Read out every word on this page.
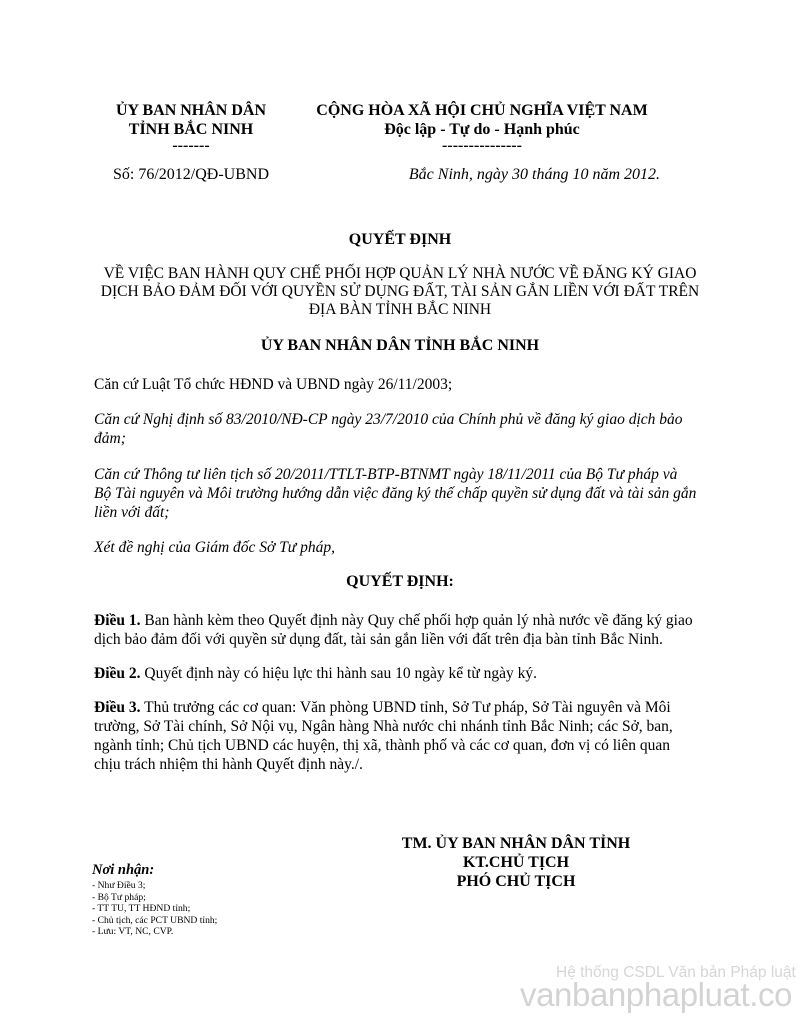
ỦY BAN NHÂN DÂN
TỈNH BẮC NINH
-------
Số: 76/2012/QĐ-UBND
CỘNG HÒA XÃ HỘI CHỦ NGHĨA VIỆT NAM
Độc lập - Tự do - Hạnh phúc
---------------
Bắc Ninh, ngày 30 tháng 10 năm 2012.
QUYẾT ĐỊNH
VỀ VIỆC BAN HÀNH QUY CHẾ PHỐI HỢP QUẢN LÝ NHÀ NƯỚC VỀ ĐĂNG KÝ GIAO
DỊCH BẢO ĐẢM ĐỐI VỚI QUYỀN SỬ DỤNG ĐẤT, TÀI SẢN GẮN LIỀN VỚI ĐẤT TRÊN
ĐỊA BÀN TỈNH BẮC NINH
ỦY BAN NHÂN DÂN TỈNH BẮC NINH
Căn cứ Luật Tổ chức HĐND và UBND ngày 26/11/2003;
Căn cứ Nghị định số 83/2010/NĐ-CP ngày 23/7/2010 của Chính phủ về đăng ký giao dịch bảo
đảm;
Căn cứ Thông tư liên tịch số 20/2011/TTLT-BTP-BTNMT ngày 18/11/2011 của Bộ Tư pháp và
Bộ Tài nguyên và Môi trường hướng dẫn việc đăng ký thế chấp quyền sử dụng đất và tài sản gắn
liền với đất;
Xét đề nghị của Giám đốc Sở Tư pháp,
QUYẾT ĐỊNH:
Điều 1. Ban hành kèm theo Quyết định này Quy chế phối hợp quản lý nhà nước về đăng ký giao
dịch bảo đảm đối với quyền sử dụng đất, tài sản gắn liền với đất trên địa bàn tỉnh Bắc Ninh.
Điều 2. Quyết định này có hiệu lực thi hành sau 10 ngày kể từ ngày ký.
Điều 3. Thủ trưởng các cơ quan: Văn phòng UBND tỉnh, Sở Tư pháp, Sở Tài nguyên và Môi
trường, Sở Tài chính, Sở Nội vụ, Ngân hàng Nhà nước chi nhánh tỉnh Bắc Ninh; các Sở, ban,
ngành tỉnh; Chủ tịch UBND các huyện, thị xã, thành phố và các cơ quan, đơn vị có liên quan
chịu trách nhiệm thi hành Quyết định này./.
TM. ỦY BAN NHÂN DÂN TỈNH
KT.CHỦ TỊCH
PHÓ CHỦ TỊCH
Nơi nhận:
- Như Điều 3;
- Bộ Tư pháp;
- TT TU, TT HĐND tỉnh;
- Chủ tịch, các PCT UBND tỉnh;
- Lưu: VT, NC, CVP.
Hệ thống CSDL Văn bản Pháp luật
vanbanphapluat.co
